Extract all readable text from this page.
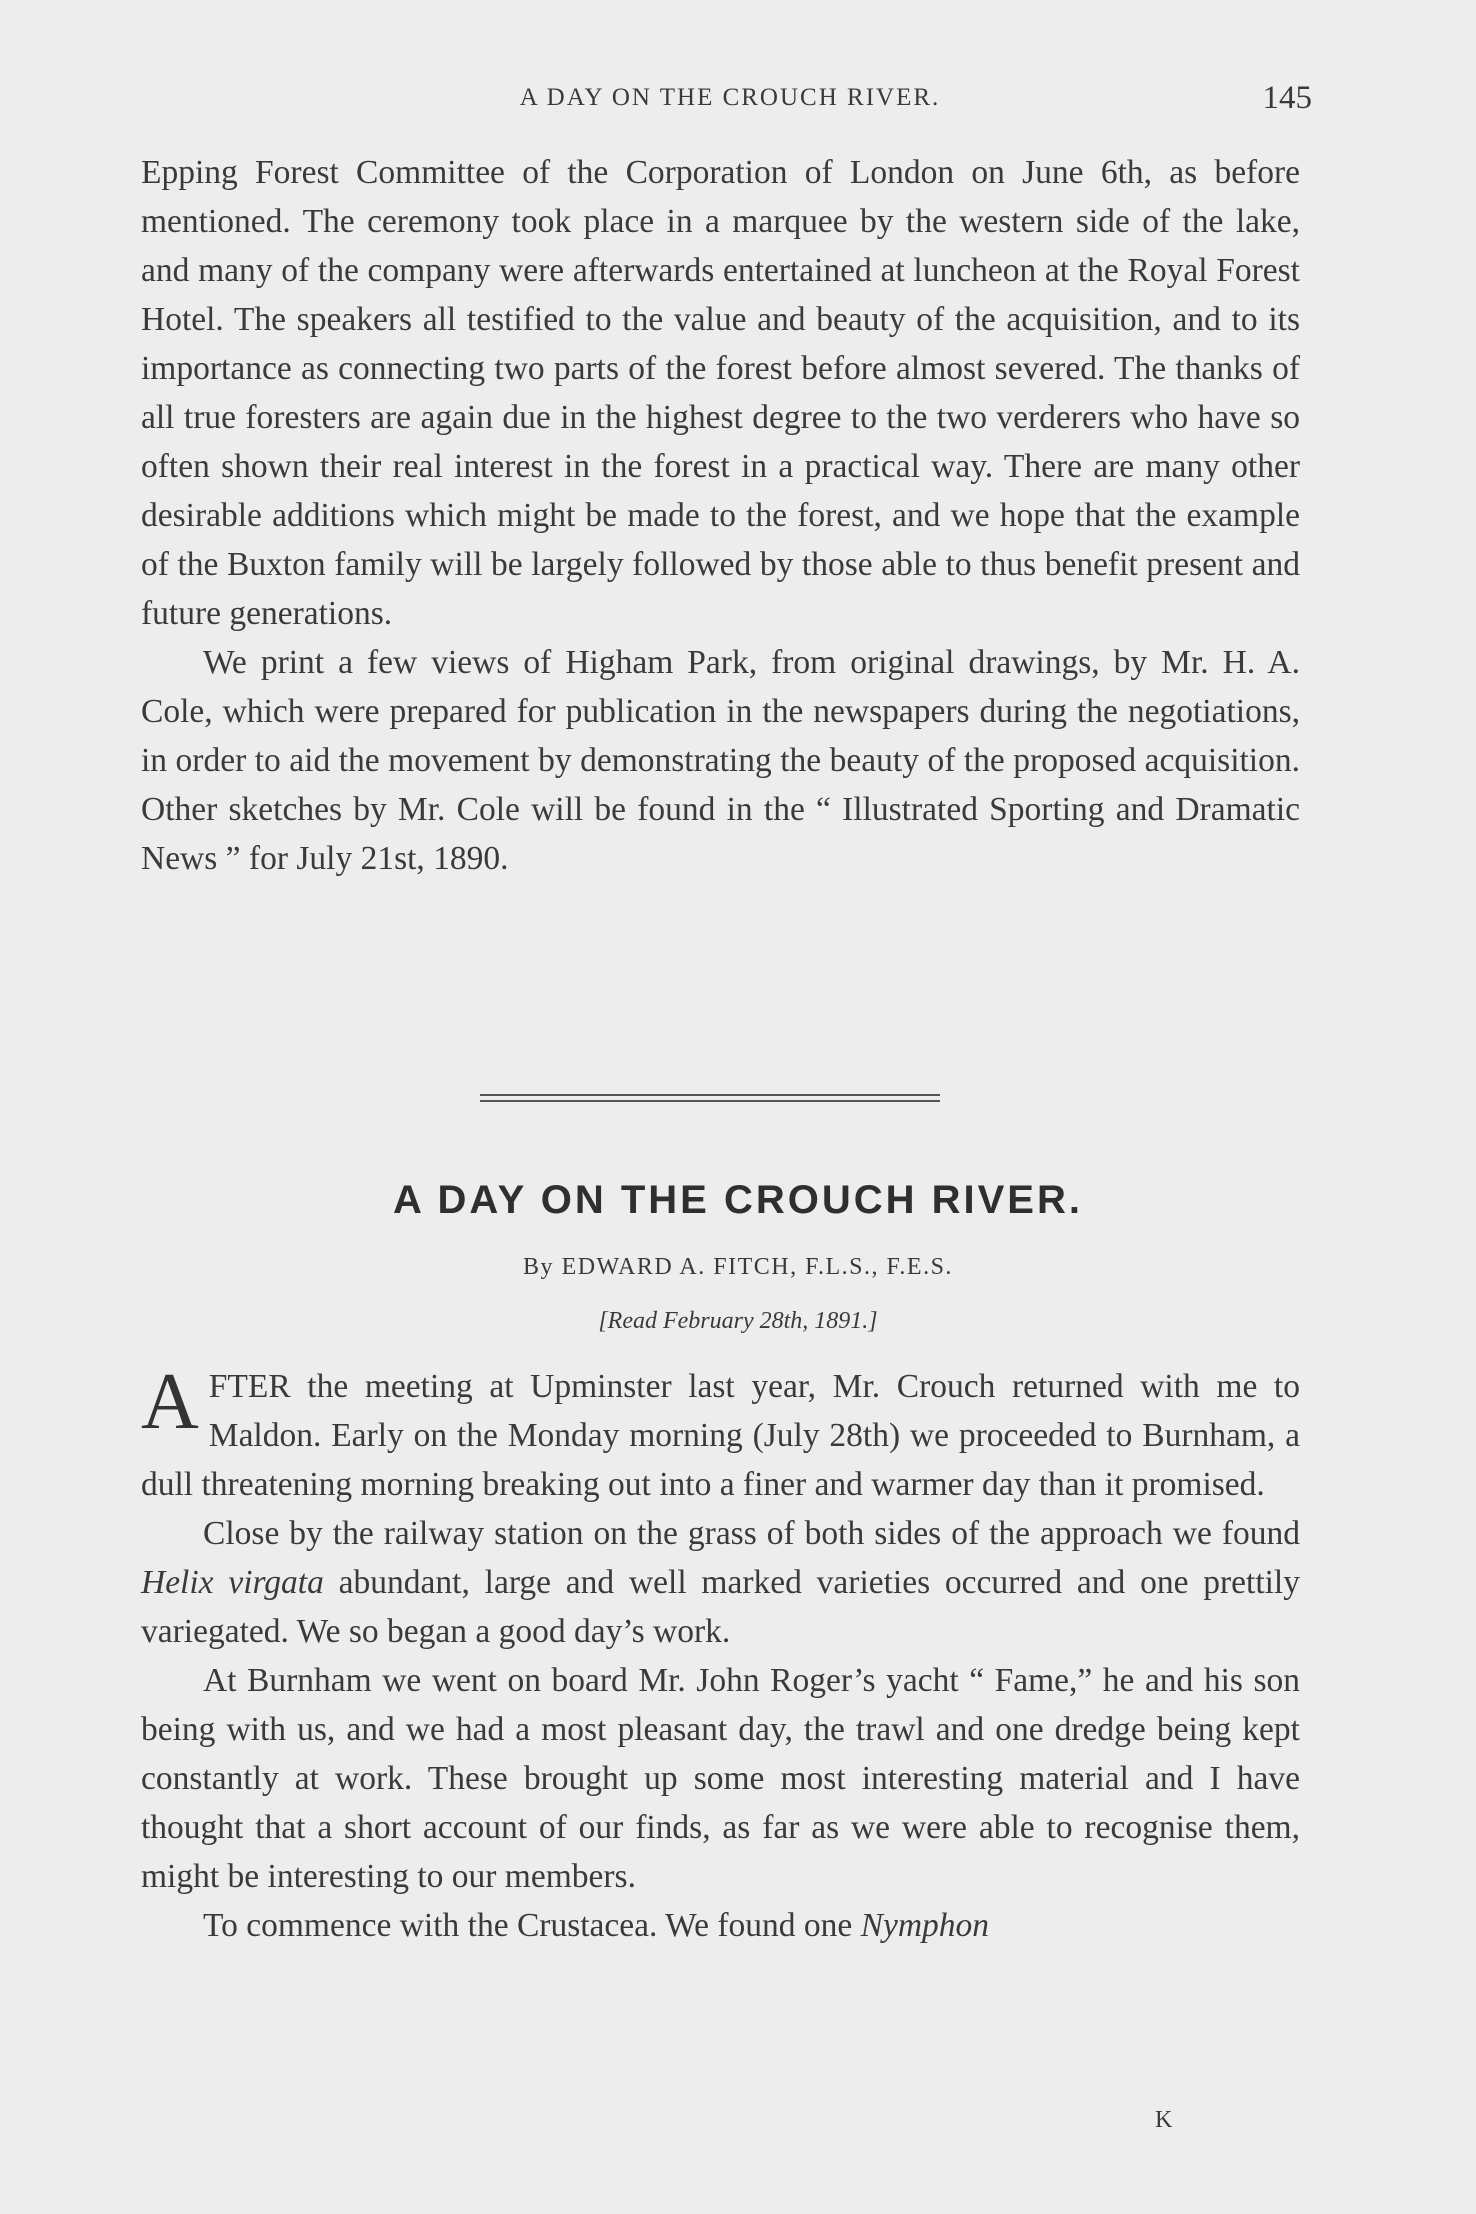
A DAY ON THE CROUCH RIVER.	145

Epping Forest Committee of the Corporation of London on June 6th, as before mentioned. The ceremony took place in a marquee by the western side of the lake, and many of the company were afterwards entertained at luncheon at the Royal Forest Hotel. The speakers all testified to the value and beauty of the acquisition, and to its importance as connecting two parts of the forest before almost severed. The thanks of all true foresters are again due in the highest degree to the two verderers who have so often shown their real interest in the forest in a practical way. There are many other desirable additions which might be made to the forest, and we hope that the example of the Buxton family will be largely followed by those able to thus benefit present and future generations.

We print a few views of Higham Park, from original drawings, by Mr. H. A. Cole, which were prepared for publication in the newspapers during the negotiations, in order to aid the movement by demonstrating the beauty of the proposed acquisition. Other sketches by Mr. Cole will be found in the “ Illustrated Sporting and Dramatic News ” for July 21st, 1890.

A DAY ON THE CROUCH RIVER.
By EDWARD A. FITCH, F.L.S., F.E.S.
[Read February 28th, 1891.]

AFTER the meeting at Upminster last year, Mr. Crouch returned with me to Maldon. Early on the Monday morning (July 28th) we proceeded to Burnham, a dull threatening morning breaking out into a finer and warmer day than it promised.

Close by the railway station on the grass of both sides of the approach we found Helix virgata abundant, large and well marked varieties occurred and one prettily variegated. We so began a good day’s work.

At Burnham we went on board Mr. John Roger’s yacht “ Fame,” he and his son being with us, and we had a most pleasant day, the trawl and one dredge being kept constantly at work. These brought up some most interesting material and I have thought that a short account of our finds, as far as we were able to recognise them, might be interesting to our members.

To commence with the Crustacea. We found one Nymphon

K
